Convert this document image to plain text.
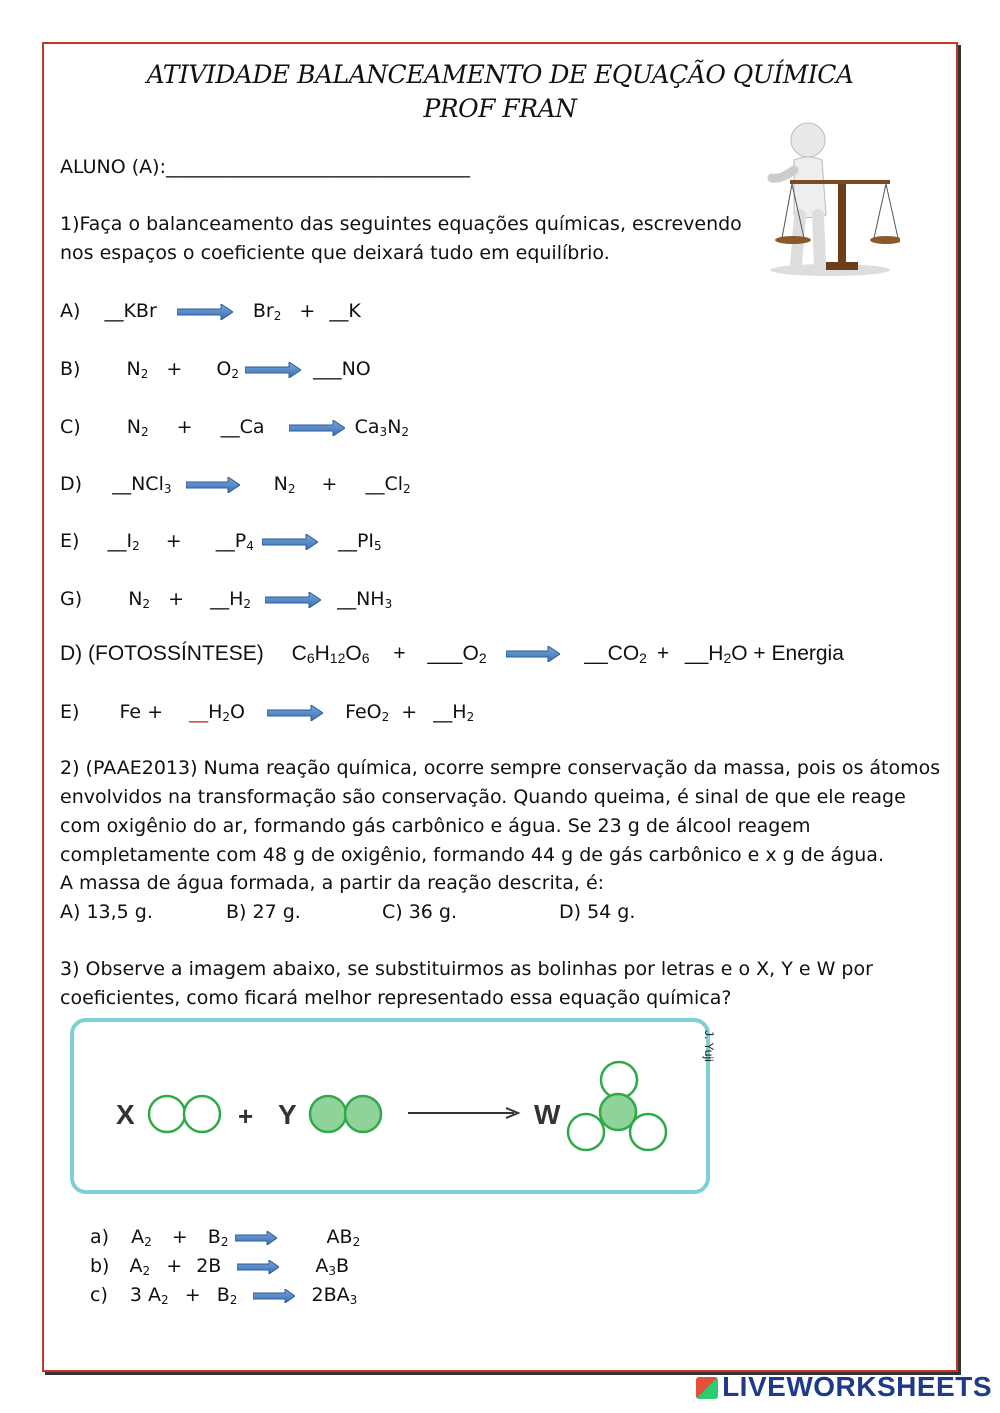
ATIVIDADE BALANCEAMENTO DE EQUAÇÃO QUÍMICA
PROF FRAN
ALUNO (A):________________________________
1)Faça o balanceamento das seguintes equações químicas, escrevendo
nos espaços o coeficiente que deixará tudo em equilíbrio.
A) __KBr → $Br_2$ + __K
B) $N_2 + O_2$ → ___NO
C) $N_2$ + __Ca → $Ca_3N_2$
D) __NCl$_3$ → $N_2$ + $\_\_Cl_2$
E) $\_\_I_2$ + $\_\_P_4$ → $\_\_PI_5$
G) $N_2$ + $\_\_H_2$ → $\_\_NH_3$
D) (FOTOSSÍNTESE) $C_6H_{12}O_6$ + $\_\_\_O_2$ → $\_\_CO_2$ + $\_\_H_2O$ + Energia
E) $Fe + \_\_H_2O \to FeO_2$ + $\_\_H_2$
2) (PAAE2013) Numa reação química, ocorre sempre conservação da massa, pois os átomos
envolvidos na transformação são conservação. Quando queima, é sinal de que ele reage
com oxigênio do ar, formando gás carbônico e água. Se 23 g de álcool reagem
completamente com 48 g de oxigênio, formando 44 g de gás carbônico e x g de água.
A massa de água formada, a partir da reação descrita, é:
A) 13,5 g.	B) 27 g.	C) 36 g.	D) 54 g.
3) Observe a imagem abaixo, se substituirmos as bolinhas por letras e o X, Y e W por
coeficientes, como ficará melhor representado essa equação química?
X	+ Y	W
J. Yuji
a) $A_2 + B_2$ →	$AB_2$
b) $A_2 + 2B \to A_3B$
c) 3 $A_2 + B_2 \to 2BA_3$
LIVEWORKSHEETS
